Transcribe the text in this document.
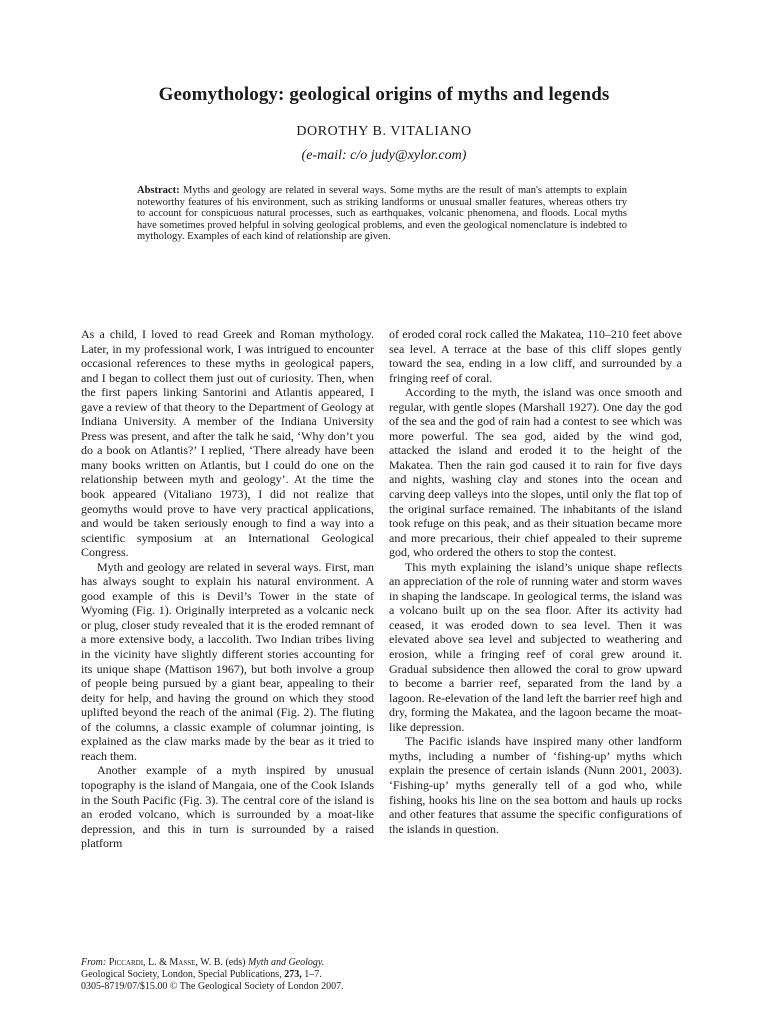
Geomythology: geological origins of myths and legends
DOROTHY B. VITALIANO
(e-mail: c/o judy@xylor.com)
Abstract: Myths and geology are related in several ways. Some myths are the result of man's attempts to explain noteworthy features of his environment, such as striking landforms or unusual smaller features, whereas others try to account for conspicuous natural processes, such as earthquakes, volcanic phenomena, and floods. Local myths have sometimes proved helpful in solving geological problems, and even the geological nomenclature is indebted to mythology. Examples of each kind of relationship are given.

As a child, I loved to read Greek and Roman mythology. Later, in my professional work, I was intrigued to encounter occasional references to these myths in geological papers, and I began to collect them just out of curiosity. Then, when the first papers linking Santorini and Atlantis appeared, I gave a review of that theory to the Department of Geology at Indiana University. A member of the Indiana University Press was present, and after the talk he said, ‘Why don’t you do a book on Atlantis?’ I replied, ‘There already have been many books written on Atlantis, but I could do one on the relationship between myth and geology’. At the time the book appeared (Vitaliano 1973), I did not realize that geomyths would prove to have very practical applications, and would be taken seriously enough to find a way into a scientific symposium at an International Geological Congress.

Myth and geology are related in several ways. First, man has always sought to explain his natural environment. A good example of this is Devil’s Tower in the state of Wyoming (Fig. 1). Originally interpreted as a volcanic neck or plug, closer study revealed that it is the eroded remnant of a more extensive body, a laccolith. Two Indian tribes living in the vicinity have slightly different stories accounting for its unique shape (Mattison 1967), but both involve a group of people being pursued by a giant bear, appealing to their deity for help, and having the ground on which they stood uplifted beyond the reach of the animal (Fig. 2). The fluting of the columns, a classic example of columnar jointing, is explained as the claw marks made by the bear as it tried to reach them.

Another example of a myth inspired by unusual topography is the island of Mangaia, one of the Cook Islands in the South Pacific (Fig. 3). The central core of the island is an eroded volcano, which is surrounded by a moat-like depression, and this in turn is surrounded by a raised platform

of eroded coral rock called the Makatea, 110–210 feet above sea level. A terrace at the base of this cliff slopes gently toward the sea, ending in a low cliff, and surrounded by a fringing reef of coral.

According to the myth, the island was once smooth and regular, with gentle slopes (Marshall 1927). One day the god of the sea and the god of rain had a contest to see which was more powerful. The sea god, aided by the wind god, attacked the island and eroded it to the height of the Makatea. Then the rain god caused it to rain for five days and nights, washing clay and stones into the ocean and carving deep valleys into the slopes, until only the flat top of the original surface remained. The inhabitants of the island took refuge on this peak, and as their situation became more and more precarious, their chief appealed to their supreme god, who ordered the others to stop the contest.

This myth explaining the island’s unique shape reflects an appreciation of the role of running water and storm waves in shaping the landscape. In geological terms, the island was a volcano built up on the sea floor. After its activity had ceased, it was eroded down to sea level. Then it was elevated above sea level and subjected to weathering and erosion, while a fringing reef of coral grew around it. Gradual subsidence then allowed the coral to grow upward to become a barrier reef, separated from the land by a lagoon. Re-elevation of the land left the barrier reef high and dry, forming the Makatea, and the lagoon became the moat-like depression.

The Pacific islands have inspired many other landform myths, including a number of ‘fishing-up’ myths which explain the presence of certain islands (Nunn 2001, 2003). ‘Fishing-up’ myths generally tell of a god who, while fishing, hooks his line on the sea bottom and hauls up rocks and other features that assume the specific configurations of the islands in question.

From: Piccardi, L. & Masse, W. B. (eds) Myth and Geology.
Geological Society, London, Special Publications, 273, 1–7.
0305-8719/07/$15.00 © The Geological Society of London 2007.
